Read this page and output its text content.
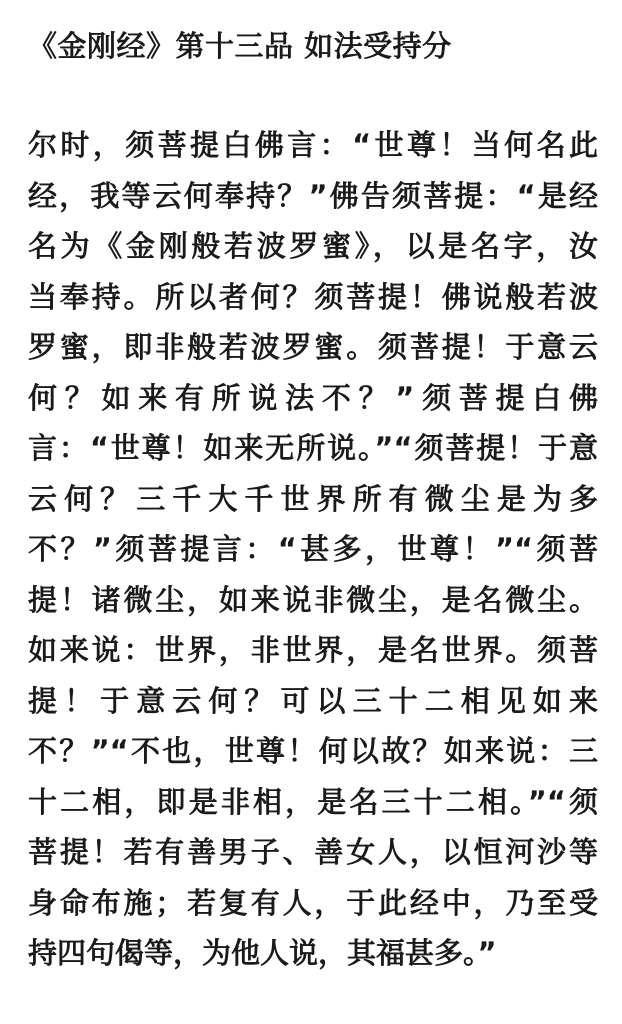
《金刚经》第十三品 如法受持分
尔时，须菩提白佛言：“世尊！当何名此
经，我等云何奉持？”佛告须菩提：“是经
名为《金刚般若波罗蜜》，以是名字，汝
当奉持。所以者何？须菩提！佛说般若波
罗蜜，即非般若波罗蜜。须菩提！于意云
何？如来有所说法不？”须菩提白佛
言：“世尊！如来无所说。”“须菩提！于意
云何？三千大千世界所有微尘是为多
不？”须菩提言：“甚多，世尊！”“须菩
提！诸微尘，如来说非微尘，是名微尘。
如来说：世界，非世界，是名世界。须菩
提！于意云何？可以三十二相见如来
不？”“不也，世尊！何以故？如来说：三
十二相，即是非相，是名三十二相。”“须
菩提！若有善男子、善女人，以恒河沙等
身命布施；若复有人，于此经中，乃至受
持四句偈等，为他人说，其福甚多。”
